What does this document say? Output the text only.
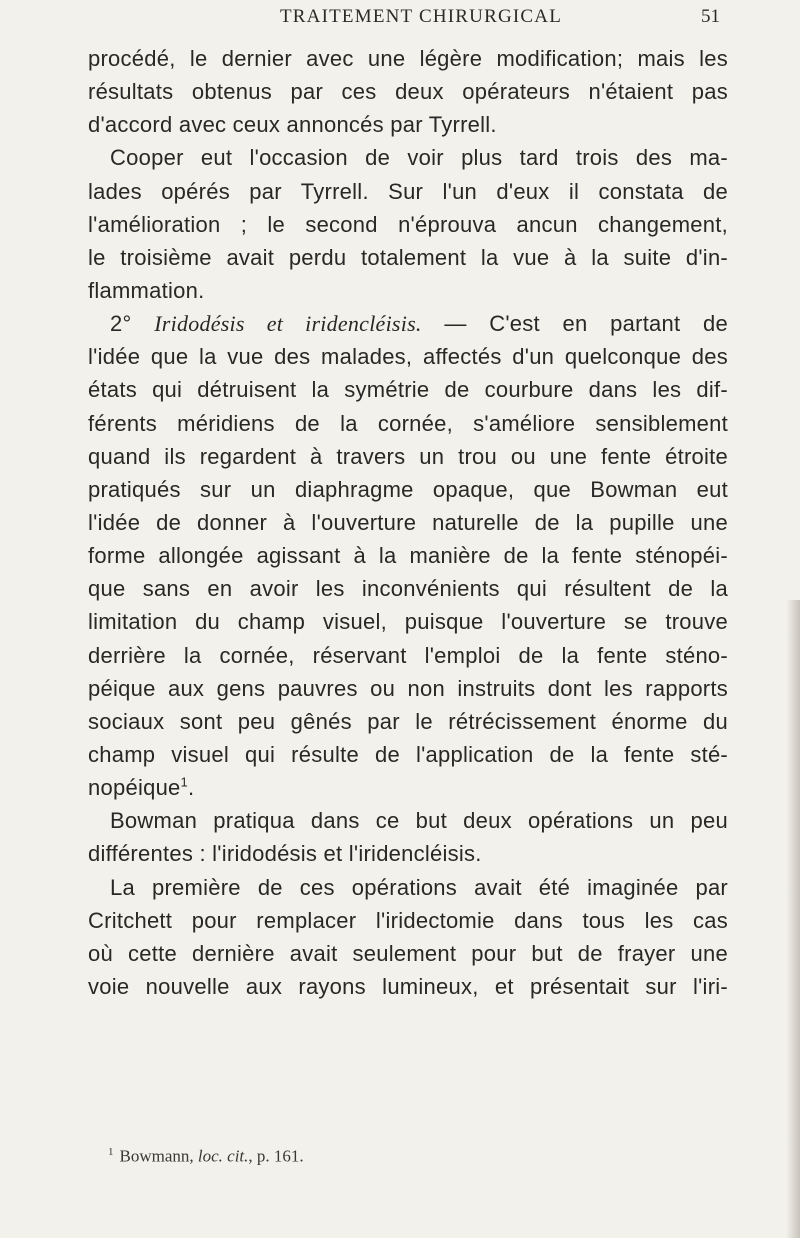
TRAITEMENT CHIRURGICAL	51
procédé, le dernier avec une légère modification; mais les
résultats obtenus par ces deux opérateurs n'étaient pas
d'accord avec ceux annoncés par Tyrrell.
Cooper eut l'occasion de voir plus tard trois des ma-
lades opérés par Tyrrell. Sur l'un d'eux il constata de
l'amélioration ; le second n'éprouva ancun changement,
le troisième avait perdu totalement la vue à la suite d'in-
flammation.
2° Iridodésis et iridencléisis. — C'est en partant de
l'idée que la vue des malades, affectés d'un quelconque des
états qui détruisent la symétrie de courbure dans les dif-
férents méridiens de la cornée, s'améliore sensiblement
quand ils regardent à travers un trou ou une fente étroite
pratiqués sur un diaphragme opaque, que Bowman eut
l'idée de donner à l'ouverture naturelle de la pupille une
forme allongée agissant à la manière de la fente sténopéi-
que sans en avoir les inconvénients qui résultent de la
limitation du champ visuel, puisque l'ouverture se trouve
derrière la cornée, réservant l'emploi de la fente sténo-
péique aux gens pauvres ou non instruits dont les rapports
sociaux sont peu gênés par le rétrécissement énorme du
champ visuel qui résulte de l'application de la fente sté-
nopéique$^1$.
Bowman pratiqua dans ce but deux opérations un peu
différentes : l'iridodésis et l'iridencléisis.
La première de ces opérations avait été imaginée par
Critchett pour remplacer l'iridectomie dans tous les cas
où cette dernière avait seulement pour but de frayer une
voie nouvelle aux rayons lumineux, et présentait sur l'iri-
$^1$ Bowmann, loc. cit., p. 161.
